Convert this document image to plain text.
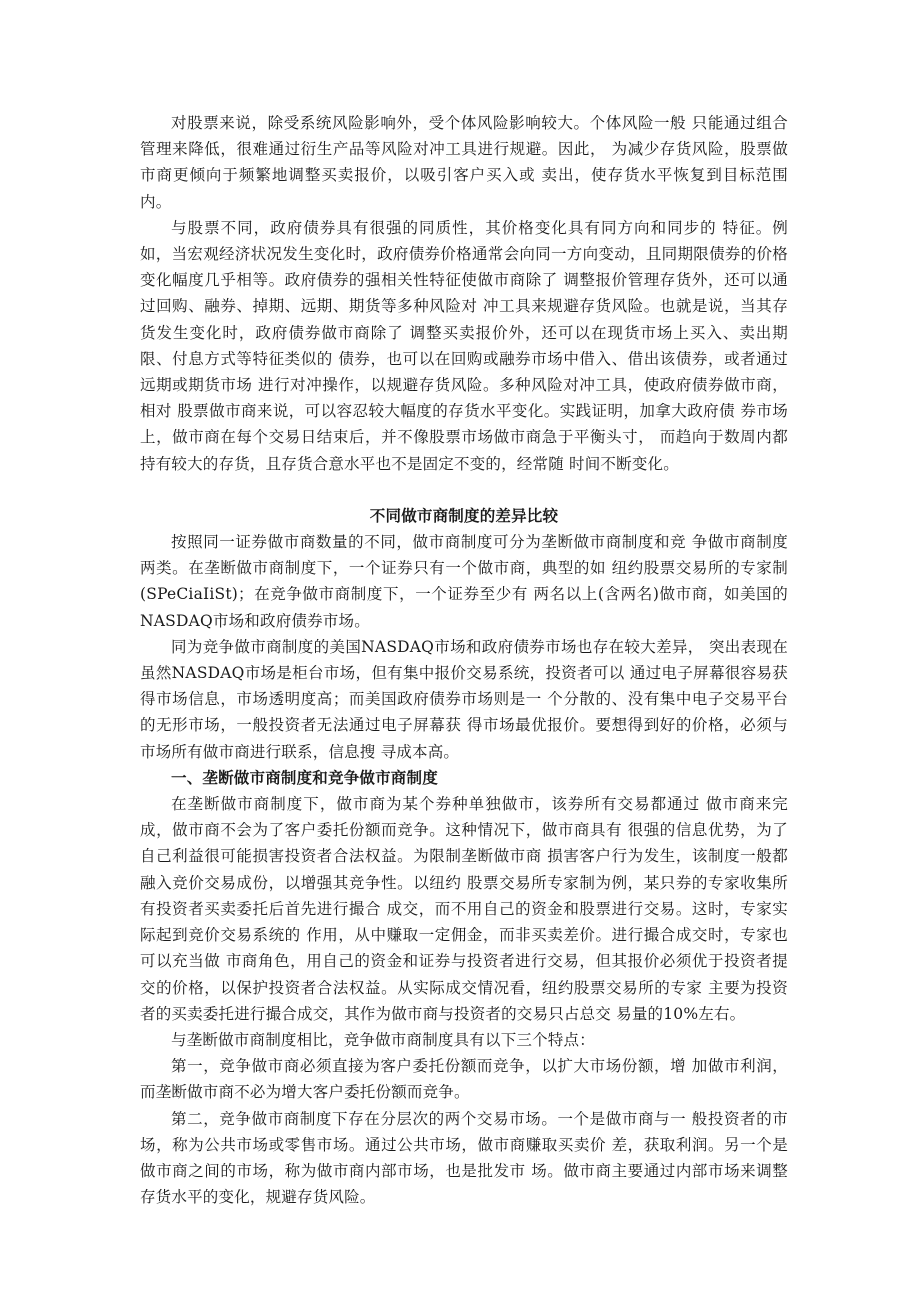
对股票来说，除受系统风险影响外，受个体风险影响较大。个体风险一般 只能通过组合管理来降低，很难通过衍生产品等风险对冲工具进行规避。因此， 为减少存货风险，股票做市商更倾向于频繁地调整买卖报价，以吸引客户买入或 卖出，使存货水平恢复到目标范围内。

与股票不同，政府债券具有很强的同质性，其价格变化具有同方向和同步的 特征。例如，当宏观经济状况发生变化时，政府债券价格通常会向同一方向变动，且同期限债券的价格变化幅度几乎相等。政府债券的强相关性特征使做市商除了 调整报价管理存货外，还可以通过回购、融券、掉期、远期、期货等多种风险对 冲工具来规避存货风险。也就是说，当其存货发生变化时，政府债券做市商除了 调整买卖报价外，还可以在现货市场上买入、卖出期限、付息方式等特征类似的 债券，也可以在回购或融券市场中借入、借出该债券，或者通过远期或期货市场 进行对冲操作，以规避存货风险。多种风险对冲工具，使政府债券做市商，相对 股票做市商来说，可以容忍较大幅度的存货水平变化。实践证明，加拿大政府债 券市场上，做市商在每个交易日结束后，并不像股票市场做市商急于平衡头寸， 而趋向于数周内都持有较大的存货，且存货合意水平也不是固定不变的，经常随 时间不断变化。

不同做市商制度的差异比较

按照同一证券做市商数量的不同，做市商制度可分为垄断做市商制度和竞 争做市商制度两类。在垄断做市商制度下，一个证券只有一个做市商，典型的如 纽约股票交易所的专家制(SPeCiaIiSt)；在竞争做市商制度下，一个证券至少有 两名以上(含两名)做市商，如美国的NASDAQ市场和政府债券市场。

同为竞争做市商制度的美国NASDAQ市场和政府债券市场也存在较大差异， 突出表现在虽然NASDAQ市场是柜台市场，但有集中报价交易系统，投资者可以 通过电子屏幕很容易获得市场信息，市场透明度高；而美国政府债券市场则是一 个分散的、没有集中电子交易平台的无形市场，一般投资者无法通过电子屏幕获 得市场最优报价。要想得到好的价格，必须与市场所有做市商进行联系，信息搜 寻成本高。

一、垄断做市商制度和竞争做市商制度

在垄断做市商制度下，做市商为某个券种单独做市，该券所有交易都通过 做市商来完成，做市商不会为了客户委托份额而竞争。这种情况下，做市商具有 很强的信息优势，为了自己利益很可能损害投资者合法权益。为限制垄断做市商 损害客户行为发生，该制度一般都融入竞价交易成份，以增强其竞争性。以纽约 股票交易所专家制为例，某只券的专家收集所有投资者买卖委托后首先进行撮合 成交，而不用自己的资金和股票进行交易。这时，专家实际起到竞价交易系统的 作用，从中赚取一定佣金，而非买卖差价。进行撮合成交时，专家也可以充当做 市商角色，用自己的资金和证券与投资者进行交易，但其报价必须优于投资者提 交的价格，以保护投资者合法权益。从实际成交情况看，纽约股票交易所的专家 主要为投资者的买卖委托进行撮合成交，其作为做市商与投资者的交易只占总交 易量的10%左右。

与垄断做市商制度相比，竞争做市商制度具有以下三个特点：

第一，竞争做市商必须直接为客户委托份额而竞争，以扩大市场份额，增 加做市利润，而垄断做市商不必为增大客户委托份额而竞争。

第二，竞争做市商制度下存在分层次的两个交易市场。一个是做市商与一 般投资者的市场，称为公共市场或零售市场。通过公共市场，做市商赚取买卖价 差，获取利润。另一个是做市商之间的市场，称为做市商内部市场，也是批发市 场。做市商主要通过内部市场来调整存货水平的变化，规避存货风险。
